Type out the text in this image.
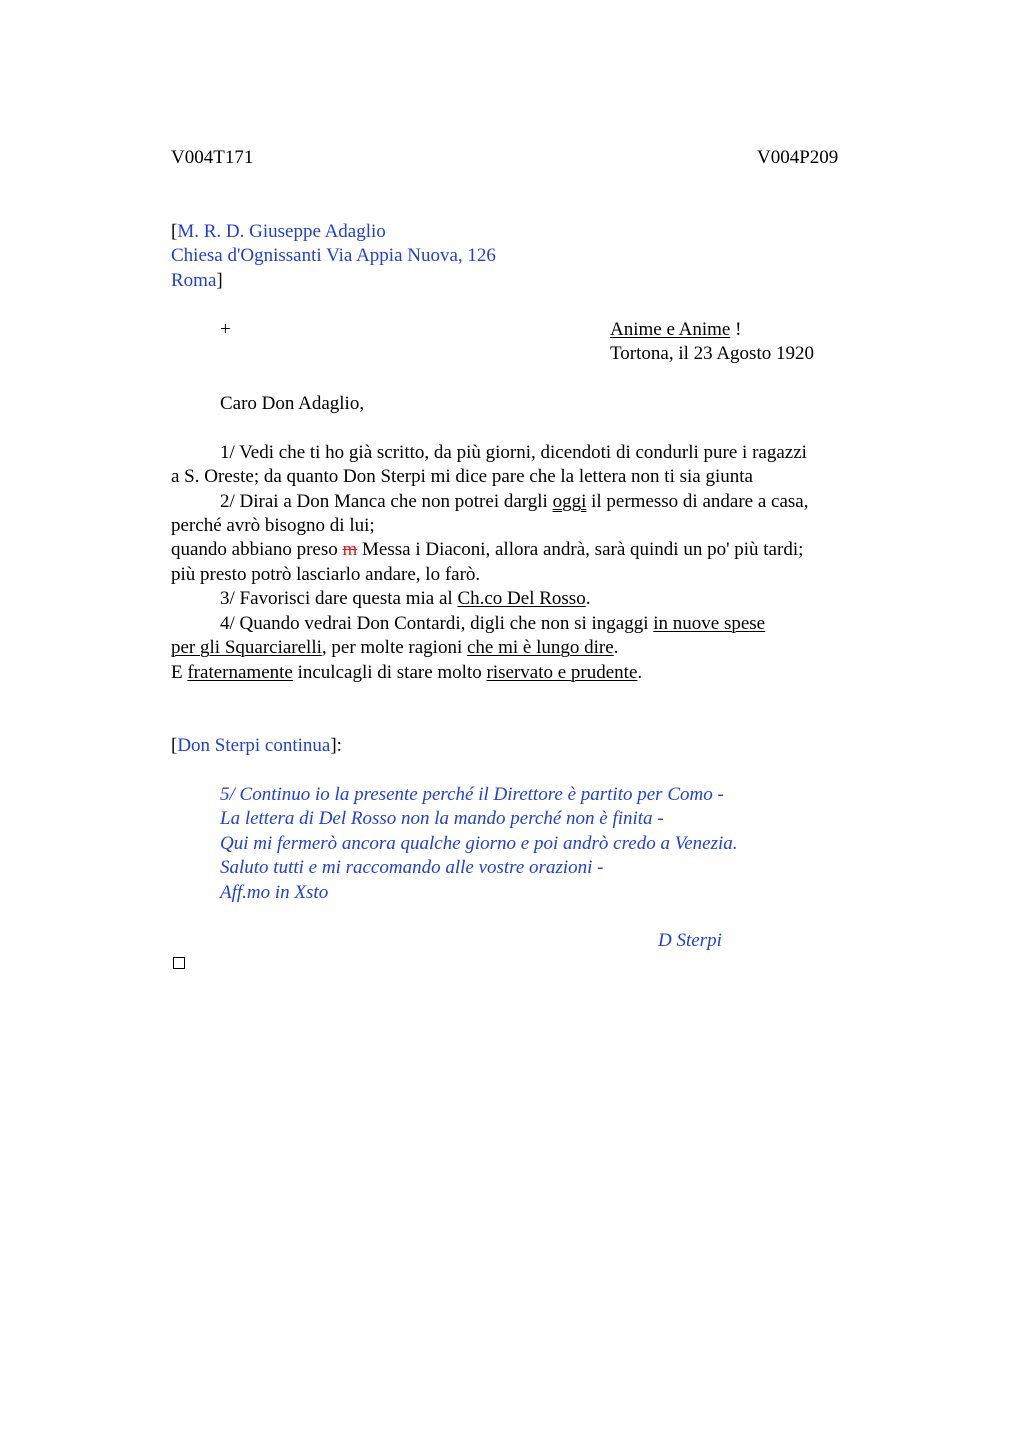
V004T171	V004P209
[M. R. D. Giuseppe Adaglio
Chiesa d'Ognissanti Via Appia Nuova, 126
Roma]
+	Anime e Anime !
Tortona, il 23 Agosto 1920
Caro Don Adaglio,
1/ Vedi che ti ho già scritto, da più giorni, dicendoti di condurli pure i ragazzi
a S. Oreste; da quanto Don Sterpi mi dice pare che la lettera non ti sia giunta
2/ Dirai a Don Manca che non potrei dargli oggi il permesso di andare a casa,
perché avrò bisogno di lui;
quando abbiano preso m Messa i Diaconi, allora andrà, sarà quindi un po' più tardi;
più presto potrò lasciarlo andare, lo farò.
3/ Favorisci dare questa mia al Ch.co Del Rosso.
4/ Quando vedrai Don Contardi, digli che non si ingaggi in nuove spese
per gli Squarciarelli, per molte ragioni che mi è lungo dire.
E fraternamente inculcagli di stare molto riservato e prudente.
[Don Sterpi continua]:
5/ Continuo io la presente perché il Direttore è partito per Como -
La lettera di Del Rosso non la mando perché non è finita -
Qui mi fermerò ancora qualche giorno e poi andrò credo a Venezia.
Saluto tutti e mi raccomando alle vostre orazioni -
Aff.mo in Xsto
D Sterpi
